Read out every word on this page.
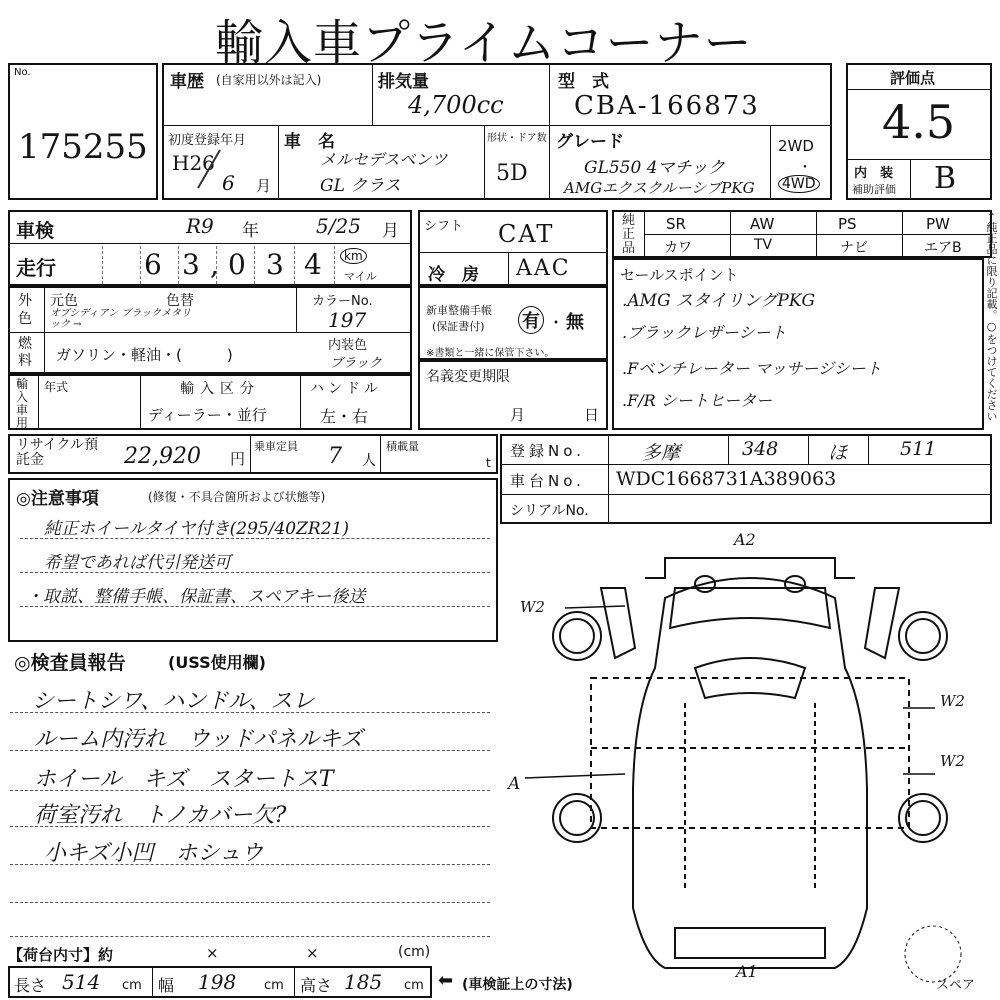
輸入車プライムコーナー
No.
175255
車歴 (自家用以外は記入)	排気量
4,700cc
型　式
CBA-166873
初度登録年月
H26
6 月
車　名
メルセデスベンツ
GL クラス
形状・ドア数
5D
グレード
GL550 4マチック
AMGエクスクルーシブPKG
2WD
・
4WD
評価点
4.5
内　装
補助評価 B
車検	R9 年	5/25 月
走行	6 3 , 0 3 4	km
マイル
シフト CAT
冷　房 AAC
純正品
SR	AW	PS	PW
カワ	TV	ナビ	エアB
外色
元色
オブシディアン ブラックメタリック →
色替	カラーNo.
197
燃料 ガソリン・軽油・(　　　)
内装色
ブラック
新車整備手帳
(保証書付) 有 ・ 無
※書類と一緒に保管下さい。
セールスポイント
.AMG スタイリングPKG
.ブラックレザーシート
.Fベンチレーター マッサージシート
.F/R シートヒーター	←純正品に限り記載。○をつけてください
輸入車用
年式	輸入区分
ディーラー・並行
ハンドル
左・右
名義変更期限
月	日
リサイクル預託金	22,920 円
乗車定員 7 人
積載量
t
登録No.	多摩	348	ほ	511
車台No. WDC1668731A389063
シリアルNo.
◎注意事項	(修復・不具合箇所および状態等)
純正ホイールタイヤ付き(295/40ZR21)
希望であれば代引発送可
・取説、整備手帳、保証書、スペアキー後送
◎検査員報告	(USS使用欄)
シートシワ、ハンドル、スレ
ルーム内汚れ　ウッドパネルキズ
ホイール　キズ　スタートスT
荷室汚れ　トノカバー欠?
小キズ小凹　ホシュウ
A2
W2
W2
W2
A
A1
スペア
【荷台内寸】約	×	×	(cm)
長さ 514 cm 幅 198 cm 高さ 185 cm ⬅ (車検証上の寸法)
